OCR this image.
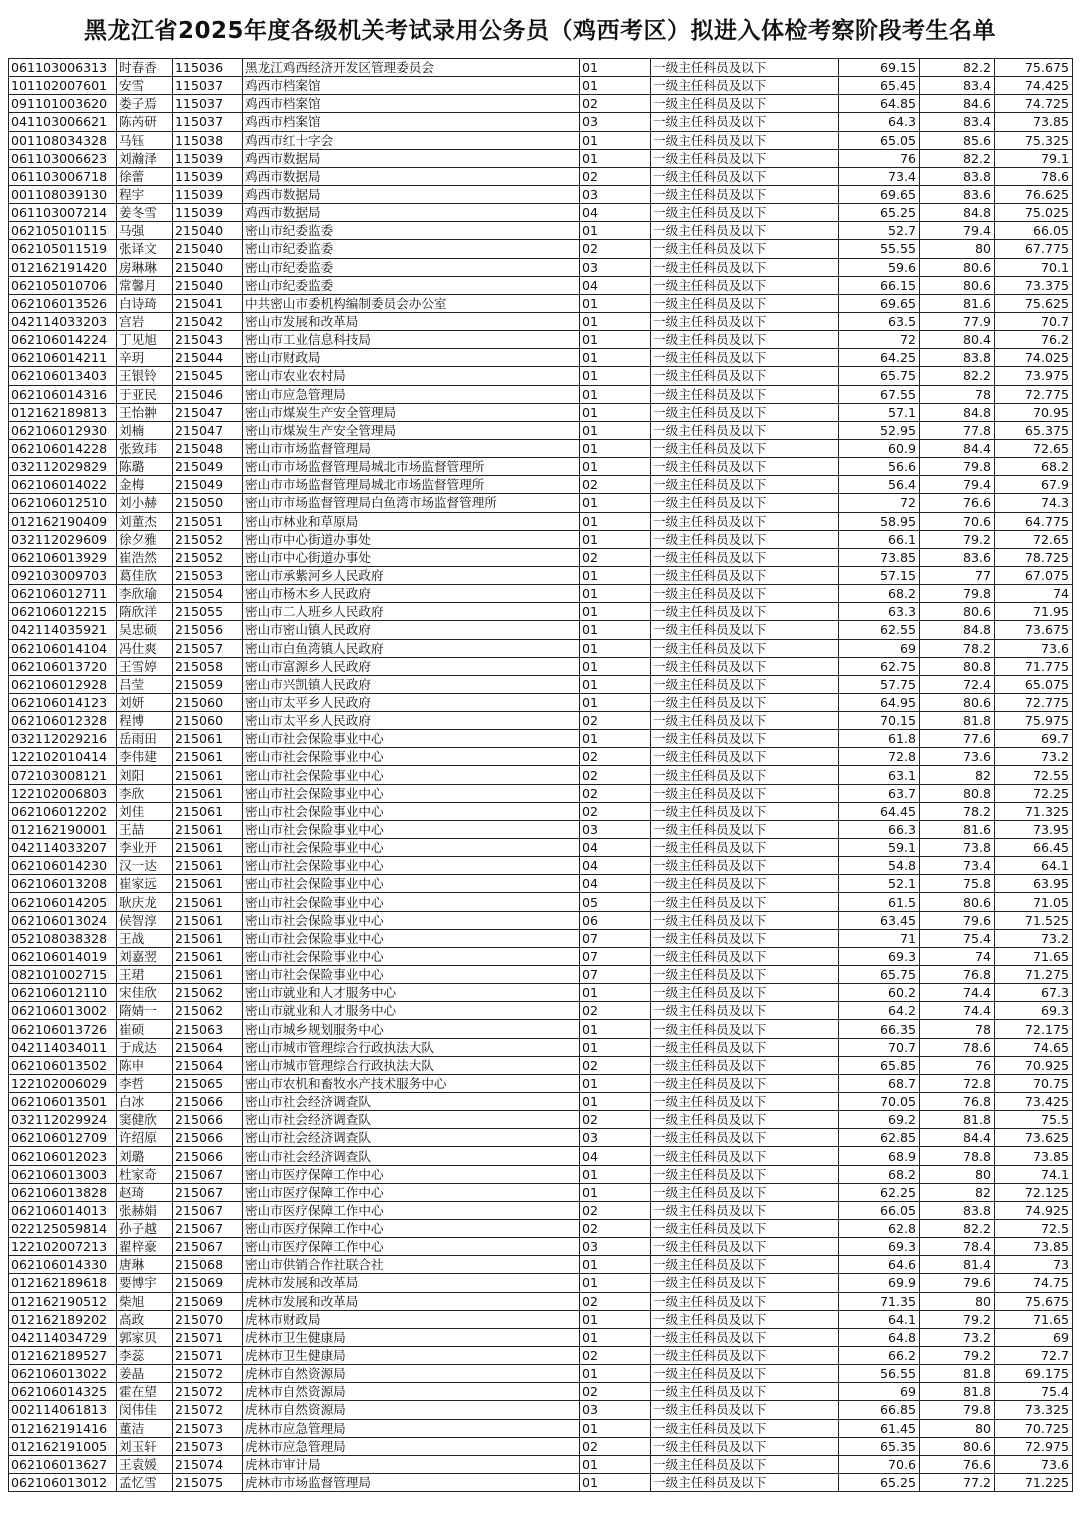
黑龙江省2025年度各级机关考试录用公务员（鸡西考区）拟进入体检考察阶段考生名单
061103006313	时春香	115036	黑龙江鸡西经济开发区管理委员会	01	一级主任科员及以下	69.15	82.2	75.675
101102007601	安雪	115037	鸡西市档案馆	01	一级主任科员及以下	65.45	83.4	74.425
091101003620	娄子焉	115037	鸡西市档案馆	02	一级主任科员及以下	64.85	84.6	74.725
041103006621	陈芮研	115037	鸡西市档案馆	03	一级主任科员及以下	64.3	83.4	73.85
001108034328	马钰	115038	鸡西市红十字会	01	一级主任科员及以下	65.05	85.6	75.325
061103006623	刘瀚泽	115039	鸡西市数据局	01	一级主任科员及以下	76	82.2	79.1
061103006718	徐蕾	115039	鸡西市数据局	02	一级主任科员及以下	73.4	83.8	78.6
001108039130	程宇	115039	鸡西市数据局	03	一级主任科员及以下	69.65	83.6	76.625
061103007214	姜冬雪	115039	鸡西市数据局	04	一级主任科员及以下	65.25	84.8	75.025
062105010115	马强	215040	密山市纪委监委	01	一级主任科员及以下	52.7	79.4	66.05
062105011519	张译文	215040	密山市纪委监委	02	一级主任科员及以下	55.55	80	67.775
012162191420	房琳琳	215040	密山市纪委监委	03	一级主任科员及以下	59.6	80.6	70.1
062105010706	常馨月	215040	密山市纪委监委	04	一级主任科员及以下	66.15	80.6	73.375
062106013526	白诗琦	215041	中共密山市委机构编制委员会办公室	01	一级主任科员及以下	69.65	81.6	75.625
042114033203	宫岩	215042	密山市发展和改革局	01	一级主任科员及以下	63.5	77.9	70.7
062106014224	丁见旭	215043	密山市工业信息科技局	01	一级主任科员及以下	72	80.4	76.2
062106014211	辛玥	215044	密山市财政局	01	一级主任科员及以下	64.25	83.8	74.025
062106013403	王银铃	215045	密山市农业农村局	01	一级主任科员及以下	65.75	82.2	73.975
062106014316	于亚民	215046	密山市应急管理局	01	一级主任科员及以下	67.55	78	72.775
012162189813	王怡翀	215047	密山市煤炭生产安全管理局	01	一级主任科员及以下	57.1	84.8	70.95
062106012930	刘楠	215047	密山市煤炭生产安全管理局	01	一级主任科员及以下	52.95	77.8	65.375
062106014228	张致玮	215048	密山市市场监督管理局	01	一级主任科员及以下	60.9	84.4	72.65
032112029829	陈璐	215049	密山市市场监督管理局城北市场监督管理所	01	一级主任科员及以下	56.6	79.8	68.2
062106014022	金梅	215049	密山市市场监督管理局城北市场监督管理所	02	一级主任科员及以下	56.4	79.4	67.9
062106012510	刘小赫	215050	密山市市场监督管理局白鱼湾市场监督管理所	01	一级主任科员及以下	72	76.6	74.3
012162190409	刘董杰	215051	密山市林业和草原局	01	一级主任科员及以下	58.95	70.6	64.775
032112029609	徐夕雅	215052	密山市中心街道办事处	01	一级主任科员及以下	66.1	79.2	72.65
062106013929	崔浩然	215052	密山市中心街道办事处	02	一级主任科员及以下	73.85	83.6	78.725
092103009703	葛佳欣	215053	密山市承紫河乡人民政府	01	一级主任科员及以下	57.15	77	67.075
062106012711	李欣瑜	215054	密山市杨木乡人民政府	01	一级主任科员及以下	68.2	79.8	74
062106012215	隋欣洋	215055	密山市二人班乡人民政府	01	一级主任科员及以下	63.3	80.6	71.95
042114035921	吴忠硕	215056	密山市密山镇人民政府	01	一级主任科员及以下	62.55	84.8	73.675
062106014104	冯仕爽	215057	密山市白鱼湾镇人民政府	01	一级主任科员及以下	69	78.2	73.6
062106013720	王雪婷	215058	密山市富源乡人民政府	01	一级主任科员及以下	62.75	80.8	71.775
062106012928	吕莹	215059	密山市兴凯镇人民政府	01	一级主任科员及以下	57.75	72.4	65.075
062106014123	刘妍	215060	密山市太平乡人民政府	01	一级主任科员及以下	64.95	80.6	72.775
062106012328	程博	215060	密山市太平乡人民政府	02	一级主任科员及以下	70.15	81.8	75.975
032112029216	岳雨田	215061	密山市社会保险事业中心	01	一级主任科员及以下	61.8	77.6	69.7
122102010414	李伟建	215061	密山市社会保险事业中心	02	一级主任科员及以下	72.8	73.6	73.2
072103008121	刘阳	215061	密山市社会保险事业中心	02	一级主任科员及以下	63.1	82	72.55
122102006803	李欣	215061	密山市社会保险事业中心	02	一级主任科员及以下	63.7	80.8	72.25
062106012202	刘佳	215061	密山市社会保险事业中心	02	一级主任科员及以下	64.45	78.2	71.325
012162190001	王喆	215061	密山市社会保险事业中心	03	一级主任科员及以下	66.3	81.6	73.95
042114033207	李业开	215061	密山市社会保险事业中心	04	一级主任科员及以下	59.1	73.8	66.45
062106014230	汉一达	215061	密山市社会保险事业中心	04	一级主任科员及以下	54.8	73.4	64.1
062106013208	崔家远	215061	密山市社会保险事业中心	04	一级主任科员及以下	52.1	75.8	63.95
062106014205	耿庆龙	215061	密山市社会保险事业中心	05	一级主任科员及以下	61.5	80.6	71.05
062106013024	侯智淳	215061	密山市社会保险事业中心	06	一级主任科员及以下	63.45	79.6	71.525
052108038328	王战	215061	密山市社会保险事业中心	07	一级主任科员及以下	71	75.4	73.2
062106014019	刘嘉翌	215061	密山市社会保险事业中心	07	一级主任科员及以下	69.3	74	71.65
082101002715	王珺	215061	密山市社会保险事业中心	07	一级主任科员及以下	65.75	76.8	71.275
062106012110	宋佳欣	215062	密山市就业和人才服务中心	01	一级主任科员及以下	60.2	74.4	67.3
062106013002	隋婧一	215062	密山市就业和人才服务中心	02	一级主任科员及以下	64.2	74.4	69.3
062106013726	崔硕	215063	密山市城乡规划服务中心	01	一级主任科员及以下	66.35	78	72.175
042114034011	于成达	215064	密山市城市管理综合行政执法大队	01	一级主任科员及以下	70.7	78.6	74.65
062106013502	陈申	215064	密山市城市管理综合行政执法大队	02	一级主任科员及以下	65.85	76	70.925
122102006029	李哲	215065	密山市农机和畜牧水产技术服务中心	01	一级主任科员及以下	68.7	72.8	70.75
062106013501	白冰	215066	密山市社会经济调查队	01	一级主任科员及以下	70.05	76.8	73.425
032112029924	窦健欣	215066	密山市社会经济调查队	02	一级主任科员及以下	69.2	81.8	75.5
062106012709	许绍原	215066	密山市社会经济调查队	03	一级主任科员及以下	62.85	84.4	73.625
062106012023	刘璐	215066	密山市社会经济调查队	04	一级主任科员及以下	68.9	78.8	73.85
062106013003	杜家奇	215067	密山市医疗保障工作中心	01	一级主任科员及以下	68.2	80	74.1
062106013828	赵琦	215067	密山市医疗保障工作中心	01	一级主任科员及以下	62.25	82	72.125
062106014013	张赫娟	215067	密山市医疗保障工作中心	02	一级主任科员及以下	66.05	83.8	74.925
022125059814	孙子越	215067	密山市医疗保障工作中心	02	一级主任科员及以下	62.8	82.2	72.5
122102007213	翟梓豪	215067	密山市医疗保障工作中心	03	一级主任科员及以下	69.3	78.4	73.85
062106014330	唐琳	215068	密山市供销合作社联合社	01	一级主任科员及以下	64.6	81.4	73
012162189618	要博宇	215069	虎林市发展和改革局	01	一级主任科员及以下	69.9	79.6	74.75
012162190512	柴旭	215069	虎林市发展和改革局	02	一级主任科员及以下	71.35	80	75.675
012162189202	高政	215070	虎林市财政局	01	一级主任科员及以下	64.1	79.2	71.65
042114034729	郭家贝	215071	虎林市卫生健康局	01	一级主任科员及以下	64.8	73.2	69
012162189527	李蕊	215071	虎林市卫生健康局	02	一级主任科员及以下	66.2	79.2	72.7
062106013022	姜晶	215072	虎林市自然资源局	01	一级主任科员及以下	56.55	81.8	69.175
062106014325	霍在望	215072	虎林市自然资源局	02	一级主任科员及以下	69	81.8	75.4
002114061813	闵伟佳	215072	虎林市自然资源局	03	一级主任科员及以下	66.85	79.8	73.325
012162191416	董洁	215073	虎林市应急管理局	01	一级主任科员及以下	61.45	80	70.725
012162191005	刘玉轩	215073	虎林市应急管理局	02	一级主任科员及以下	65.35	80.6	72.975
062106013627	王袁媛	215074	虎林市审计局	01	一级主任科员及以下	70.6	76.6	73.6
062106013012	孟忆雪	215075	虎林市市场监督管理局	01	一级主任科员及以下	65.25	77.2	71.225
